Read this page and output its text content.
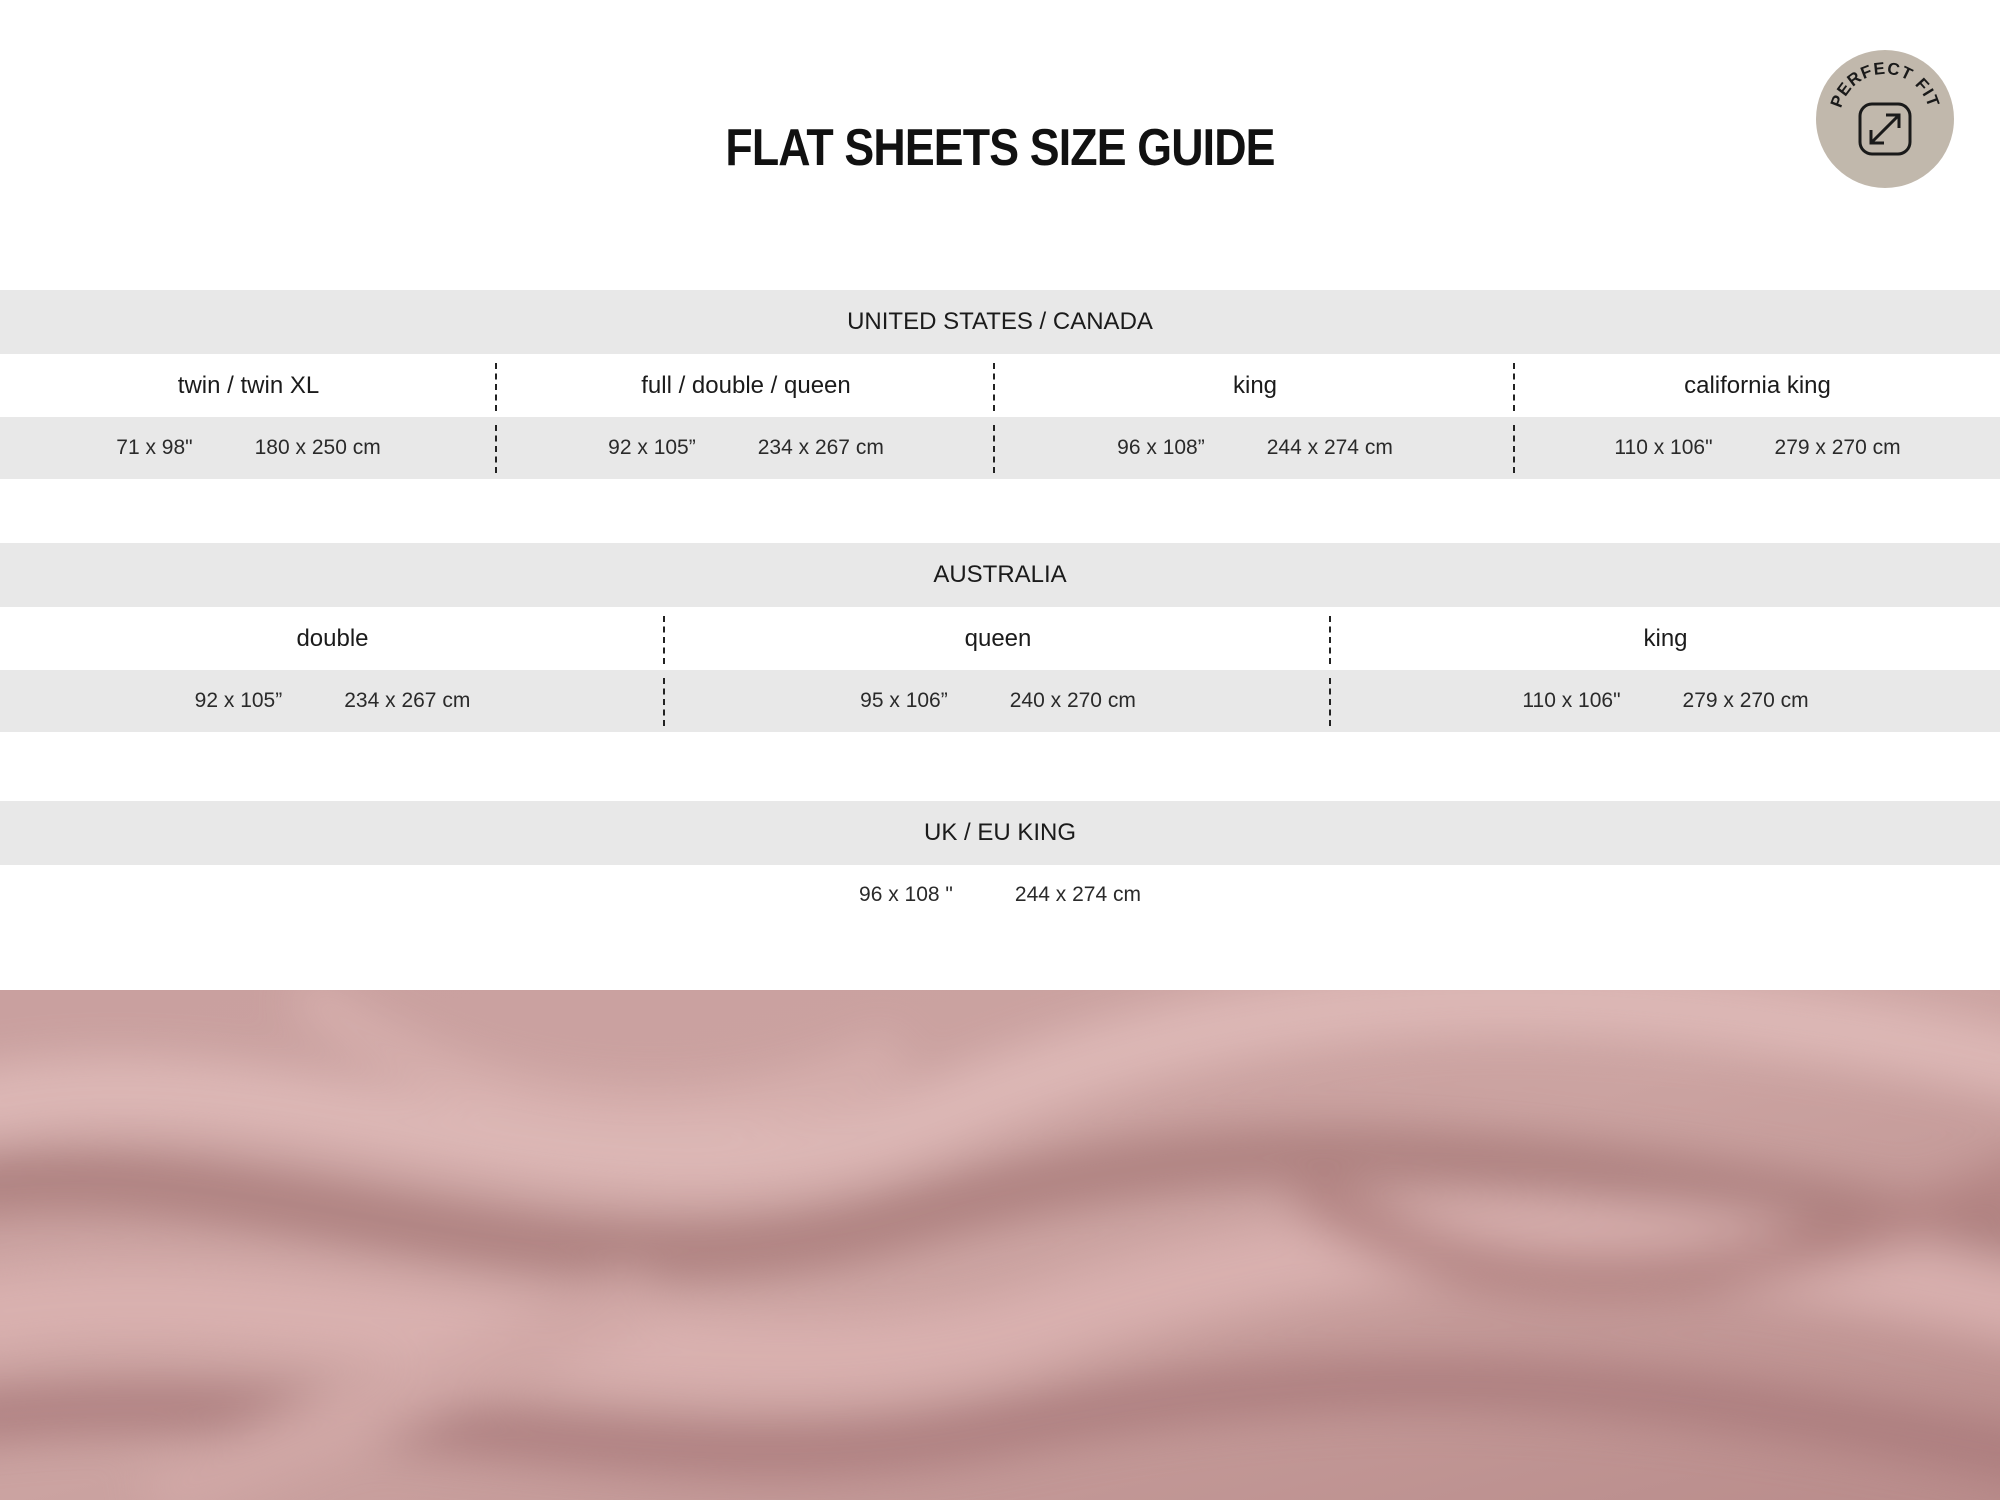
FLAT SHEETS SIZE GUIDE
PERFECT FIT
UNITED STATES / CANADA
twin / twin XL	full / double / queen	king	california king
71 x 98"	180 x 250 cm	92 x 105”	234 x 267 cm	96 x 108”	244 x 274 cm	110 x 106"	279 x 270 cm
AUSTRALIA
double	queen	king
92 x 105”	234 x 267 cm	95 x 106”	240 x 270 cm	110 x 106"	279 x 270 cm
UK / EU KING
96 x 108 "	244 x 274 cm
